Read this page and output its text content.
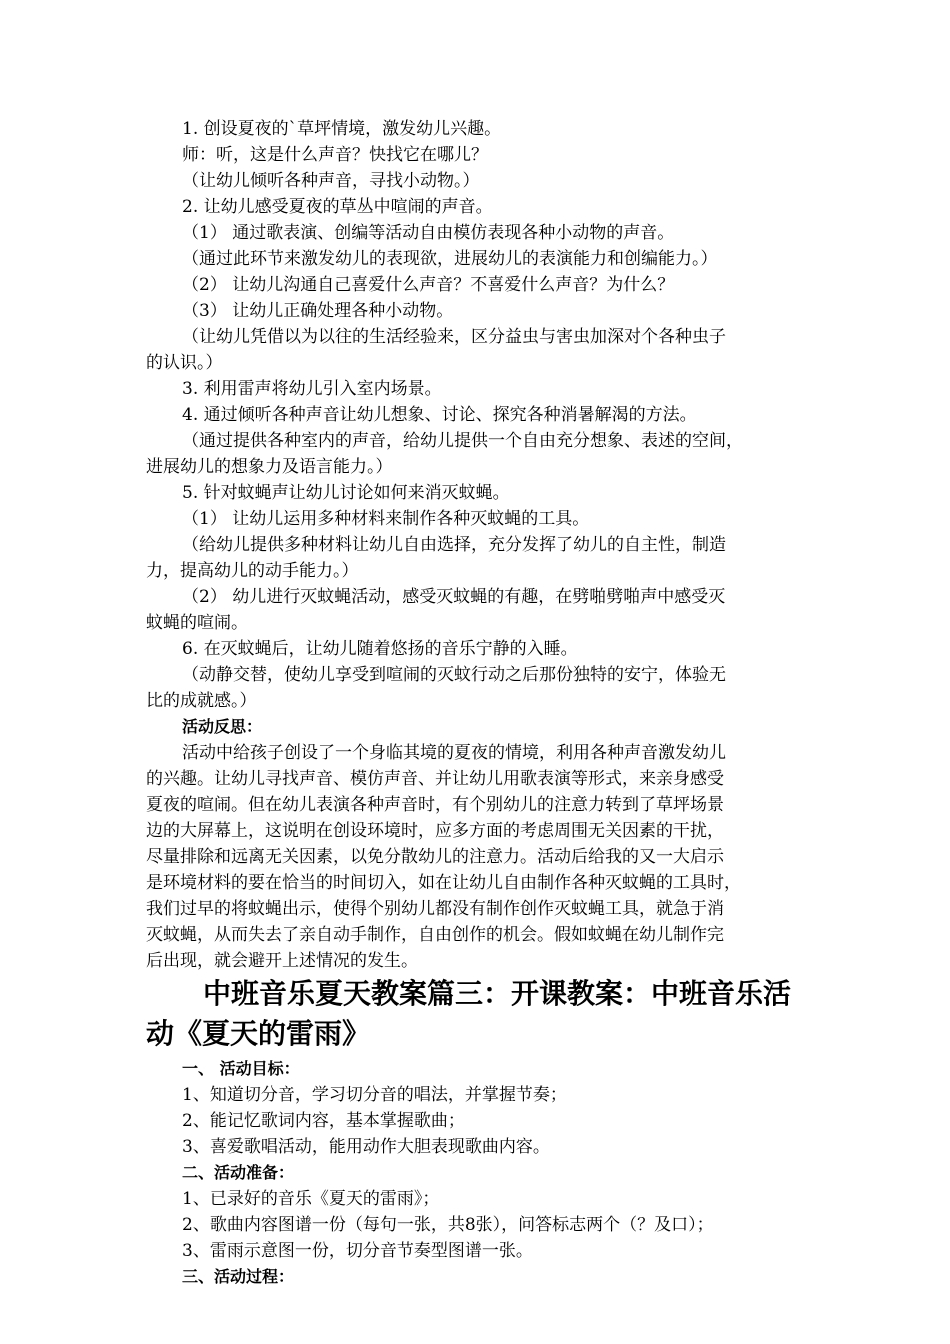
1. 创设夏夜的`草坪情境，激发幼儿兴趣。
师：听，这是什么声音？快找它在哪儿？
（让幼儿倾听各种声音，寻找小动物。）
2. 让幼儿感受夏夜的草丛中喧闹的声音。
（1） 通过歌表演、创编等活动自由模仿表现各种小动物的声音。
（通过此环节来激发幼儿的表现欲，进展幼儿的表演能力和创编能力。）
（2） 让幼儿沟通自己喜爱什么声音？不喜爱什么声音？为什么？
（3） 让幼儿正确处理各种小动物。
（让幼儿凭借以为以往的生活经验来，区分益虫与害虫加深对个各种虫子
的认识。）
3. 利用雷声将幼儿引入室内场景。
4. 通过倾听各种声音让幼儿想象、讨论、探究各种消暑解渴的方法。
（通过提供各种室内的声音，给幼儿提供一个自由充分想象、表述的空间，
进展幼儿的想象力及语言能力。）
5. 针对蚊蝇声让幼儿讨论如何来消灭蚊蝇。
（1） 让幼儿运用多种材料来制作各种灭蚊蝇的工具。
（给幼儿提供多种材料让幼儿自由选择，充分发挥了幼儿的自主性，制造
力，提高幼儿的动手能力。）
（2） 幼儿进行灭蚊蝇活动，感受灭蚊蝇的有趣，在劈啪劈啪声中感受灭
蚊蝇的喧闹。
6. 在灭蚊蝇后，让幼儿随着悠扬的音乐宁静的入睡。
（动静交替，使幼儿享受到喧闹的灭蚊行动之后那份独特的安宁，体验无
比的成就感。）
活动反思：
活动中给孩子创设了一个身临其境的夏夜的情境，利用各种声音激发幼儿
的兴趣。让幼儿寻找声音、模仿声音、并让幼儿用歌表演等形式，来亲身感受
夏夜的喧闹。但在幼儿表演各种声音时，有个别幼儿的注意力转到了草坪场景
边的大屏幕上，这说明在创设环境时，应多方面的考虑周围无关因素的干扰，
尽量排除和远离无关因素，以免分散幼儿的注意力。活动后给我的又一大启示
是环境材料的要在恰当的时间切入，如在让幼儿自由制作各种灭蚊蝇的工具时，
我们过早的将蚊蝇出示，使得个别幼儿都没有制作创作灭蚊蝇工具，就急于消
灭蚊蝇，从而失去了亲自动手制作，自由创作的机会。假如蚊蝇在幼儿制作完
后出现，就会避开上述情况的发生。
中班音乐夏天教案篇三：开课教案：中班音乐活
动《夏天的雷雨》
一、 活动目标：
1、知道切分音，学习切分音的唱法，并掌握节奏；
2、能记忆歌词内容，基本掌握歌曲；
3、喜爱歌唱活动，能用动作大胆表现歌曲内容。
二、活动准备：
1、已录好的音乐《夏天的雷雨》；
2、歌曲内容图谱一份（每句一张，共8张），问答标志两个（？及口）；
3、雷雨示意图一份，切分音节奏型图谱一张。
三、活动过程：
